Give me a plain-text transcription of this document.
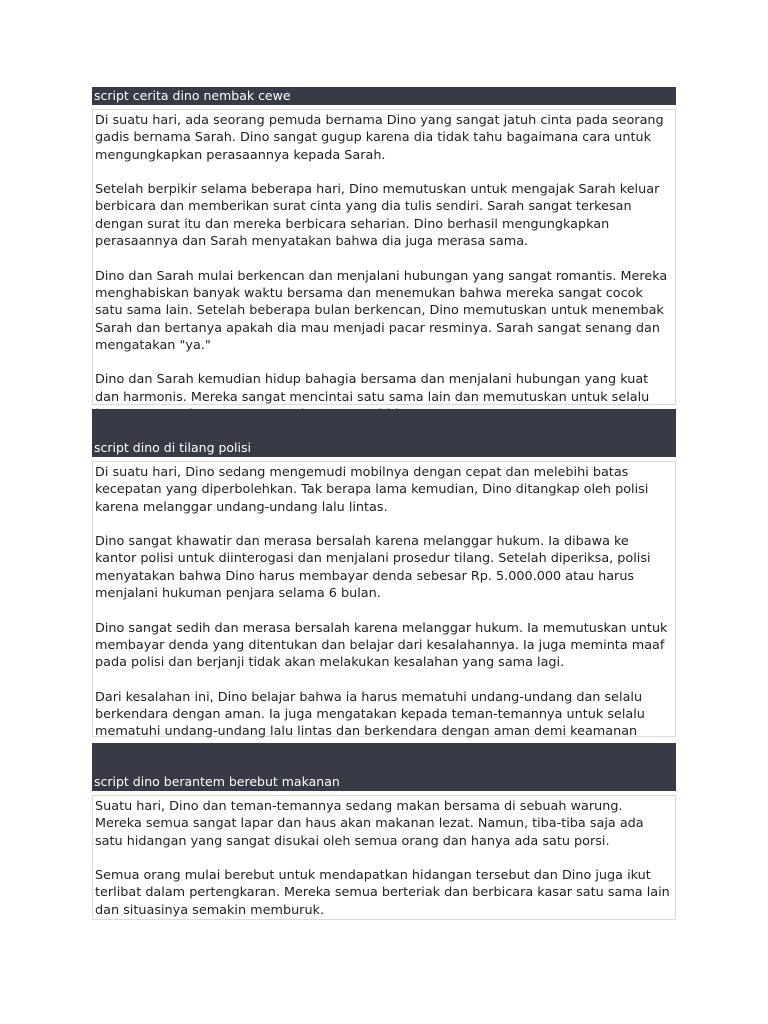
script cerita dino nembak cewe

Di suatu hari, ada seorang pemuda bernama Dino yang sangat jatuh cinta pada seorang gadis bernama Sarah. Dino sangat gugup karena dia tidak tahu bagaimana cara untuk mengungkapkan perasaannya kepada Sarah.

Setelah berpikir selama beberapa hari, Dino memutuskan untuk mengajak Sarah keluar berbicara dan memberikan surat cinta yang dia tulis sendiri. Sarah sangat terkesan dengan surat itu dan mereka berbicara seharian. Dino berhasil mengungkapkan perasaannya dan Sarah menyatakan bahwa dia juga merasa sama.

Dino dan Sarah mulai berkencan dan menjalani hubungan yang sangat romantis. Mereka menghabiskan banyak waktu bersama dan menemukan bahwa mereka sangat cocok satu sama lain. Setelah beberapa bulan berkencan, Dino memutuskan untuk menembak Sarah dan bertanya apakah dia mau menjadi pacar resminya. Sarah sangat senang dan mengatakan "ya."

Dino dan Sarah kemudian hidup bahagia bersama dan menjalani hubungan yang kuat dan harmonis. Mereka sangat mencintai satu sama lain dan memutuskan untuk selalu

script dino di tilang polisi

Di suatu hari, Dino sedang mengemudi mobilnya dengan cepat dan melebihi batas kecepatan yang diperbolehkan. Tak berapa lama kemudian, Dino ditangkap oleh polisi karena melanggar undang-undang lalu lintas.

Dino sangat khawatir dan merasa bersalah karena melanggar hukum. Ia dibawa ke kantor polisi untuk diinterogasi dan menjalani prosedur tilang. Setelah diperiksa, polisi menyatakan bahwa Dino harus membayar denda sebesar Rp. 5.000.000 atau harus menjalani hukuman penjara selama 6 bulan.

Dino sangat sedih dan merasa bersalah karena melanggar hukum. Ia memutuskan untuk membayar denda yang ditentukan dan belajar dari kesalahannya. Ia juga meminta maaf pada polisi dan berjanji tidak akan melakukan kesalahan yang sama lagi.

Dari kesalahan ini, Dino belajar bahwa ia harus mematuhi undang-undang dan selalu berkendara dengan aman. Ia juga mengatakan kepada teman-temannya untuk selalu mematuhi undang-undang lalu lintas dan berkendara dengan aman demi keamanan

script dino berantem berebut makanan

Suatu hari, Dino dan teman-temannya sedang makan bersama di sebuah warung. Mereka semua sangat lapar dan haus akan makanan lezat. Namun, tiba-tiba saja ada satu hidangan yang sangat disukai oleh semua orang dan hanya ada satu porsi.

Semua orang mulai berebut untuk mendapatkan hidangan tersebut dan Dino juga ikut terlibat dalam pertengkaran. Mereka semua berteriak dan berbicara kasar satu sama lain dan situasinya semakin memburuk.
